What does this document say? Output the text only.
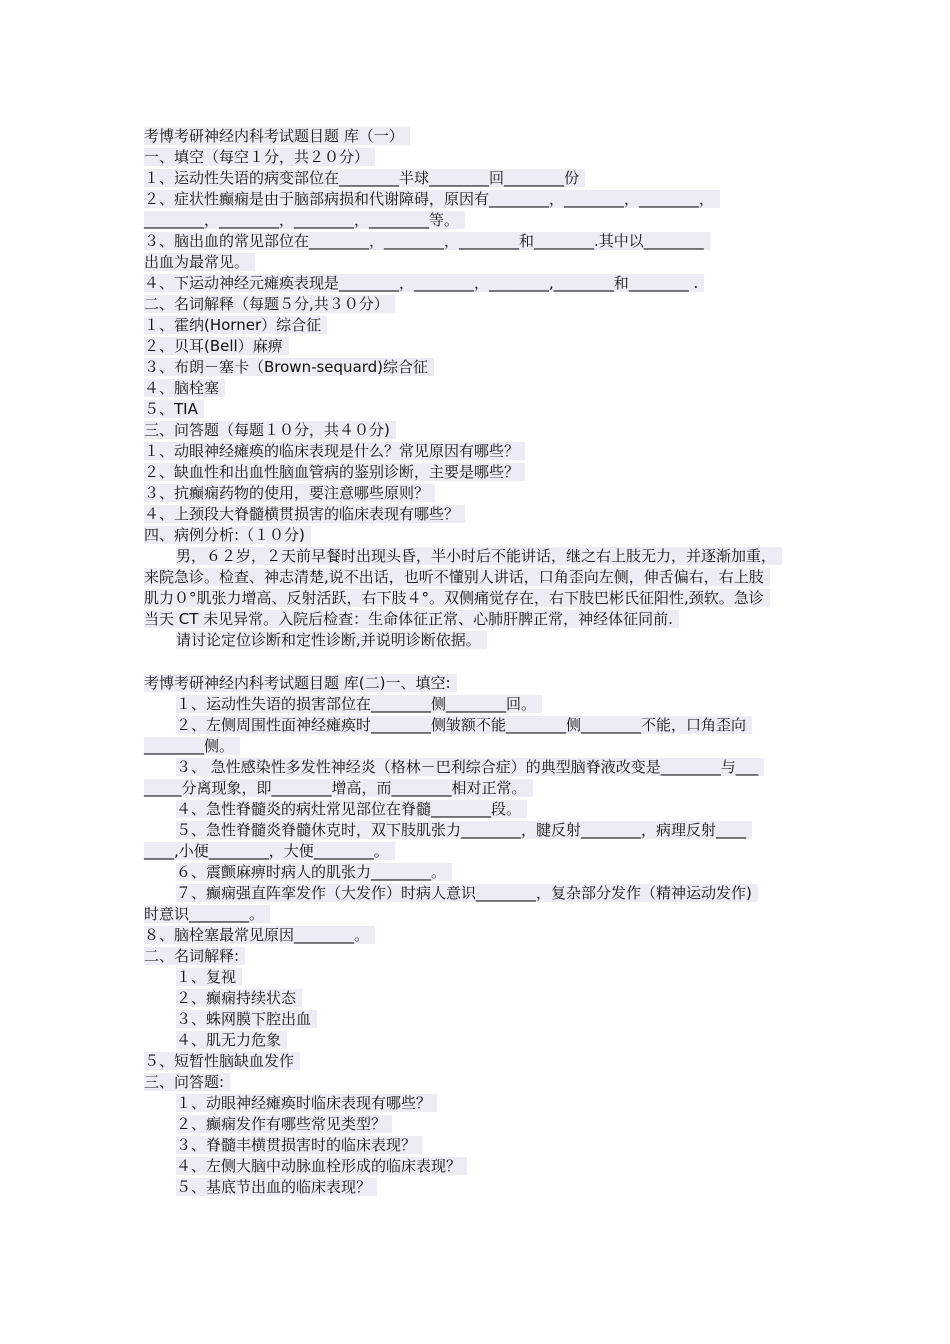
考博考研神经内科考试题目题 库（一）
一、填空（每空１分，共２０分）
１、运动性失语的病变部位在________半球________回________份
２、症状性癫痫是由于脑部病损和代谢障碍，原因有________，________，________，
________，________，________，________等。
３、脑出血的常见部位在________，________，________和________.其中以________
出血为最常见。
４、下运动神经元瘫痪表现是________，________，________,________和________ .
二、名词解释（每题５分,共３０分）
１、霍纳(Horner）综合征
２、贝耳(Bell）麻痹
３、布朗－塞卡（Brown-sequard)综合征
４、脑栓塞
５、TIA
三、问答题（每题１０分，共４０分)
１、动眼神经瘫痪的临床表现是什么？常见原因有哪些？
２、缺血性和出血性脑血管病的鉴别诊断，主要是哪些？
３、抗癫痫药物的使用，要注意哪些原则？
４、上颈段大脊髓横贯损害的临床表现有哪些？
四、病例分析:（１０分)
男，６２岁，２天前早餐时出现头昏，半小时后不能讲话，继之右上肢无力，并逐渐加重，
来院急诊。检查、神志清楚,说不出话，也听不懂别人讲话，口角歪向左侧，伸舌偏右，右上肢
肌力０°肌张力增高、反射活跃，右下肢４°。双侧痛觉存在，右下肢巴彬氏征阳性,颈软。急诊
当天 CT 未见异常。入院后检查：生命体征正常、心肺肝脾正常，神经体征同前.
请讨论定位诊断和定性诊断,并说明诊断依据。
考博考研神经内科考试题目题 库(二)一、填空:
１、运动性失语的损害部位在________侧________回。
２、左侧周围性面神经瘫痪时________侧皱额不能________侧________不能，口角歪向
________侧。
３、 急性感染性多发性神经炎（格林－巴利综合症）的典型脑脊液改变是________与___
_____分离现象，即________增高，而________相对正常。
４、急性脊髓炎的病灶常见部位在脊髓________段。
５、急性脊髓炎脊髓休克时，双下肢肌张力________，腱反射________，病理反射____
____,小便________，大便________。
６、震颤麻痹时病人的肌张力________。
７、癫痫强直阵挛发作（大发作）时病人意识________，复杂部分发作（精神运动发作)
时意识________。
８、脑栓塞最常见原因________。
二、名词解释:
１、复视
２、癫痫持续状态
３、蛛网膜下腔出血
４、肌无力危象
５、短暂性脑缺血发作
三、问答题:
１、动眼神经瘫痪时临床表现有哪些？
２、癫痫发作有哪些常见类型？
３、脊髓丰横贯损害时的临床表现？
４、左侧大脑中动脉血栓形成的临床表现？
５、基底节出血的临床表现？
